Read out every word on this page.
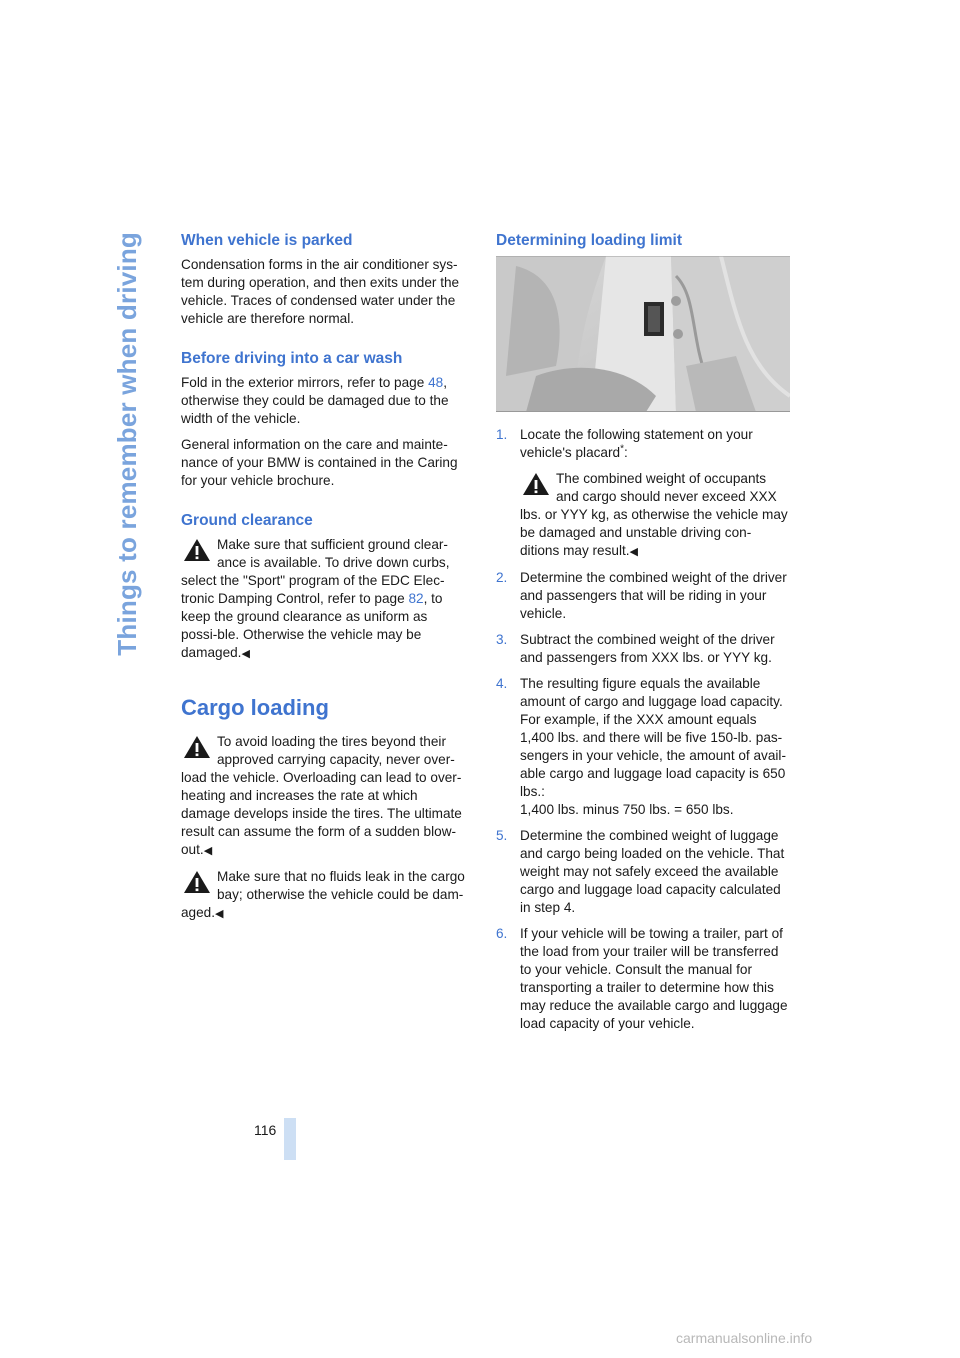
Things to remember when driving	When vehicle is parked

Condensation forms in the air conditioner sys-tem during operation, and then exits under the vehicle. Traces of condensed water under the vehicle are therefore normal.

Before driving into a car wash

Fold in the exterior mirrors, refer to page 48, otherwise they could be damaged due to the width of the vehicle.

General information on the care and mainte-nance of your BMW is contained in the Caring for your vehicle brochure.

Ground clearance
Make sure that sufficient ground clear-ance is available. To drive down curbs, select the "Sport" program of the EDC Elec-tronic Damping Control, refer to page 82, to keep the ground clearance as uniform as possi-ble. Otherwise the vehicle may be damaged.◀
Cargo loading
To avoid loading the tires beyond their approved carrying capacity, never over-load the vehicle. Overloading can lead to over-heating and increases the rate at which damage develops inside the tires. The ultimate result can assume the form of a sudden blow-out.◀
Make sure that no fluids leak in the cargo bay; otherwise the vehicle could be dam-aged.◀
Determining loading limit
1. Locate the following statement on your vehicle's placard*:
The combined weight of occupants and cargo should never exceed XXX lbs. or YYY kg, as otherwise the vehicle may be damaged and unstable driving con-ditions may result.◀
2. Determine the combined weight of the driver and passengers that will be riding in your vehicle.
3. Subtract the combined weight of the driver and passengers from XXX lbs. or YYY kg.
4. The resulting figure equals the available amount of cargo and luggage load capacity. For example, if the XXX amount equals 1,400 lbs. and there will be five 150-lb. pas-sengers in your vehicle, the amount of avail-able cargo and luggage load capacity is 650 lbs.:
1,400 lbs. minus 750 lbs. = 650 lbs.
5. Determine the combined weight of luggage and cargo being loaded on the vehicle. That weight may not safely exceed the available cargo and luggage load capacity calculated in step 4.
6. If your vehicle will be towing a trailer, part of the load from your trailer will be transferred to your vehicle. Consult the manual for transporting a trailer to determine how this may reduce the available cargo and luggage load capacity of your vehicle.
116
carmanualsonline.info
